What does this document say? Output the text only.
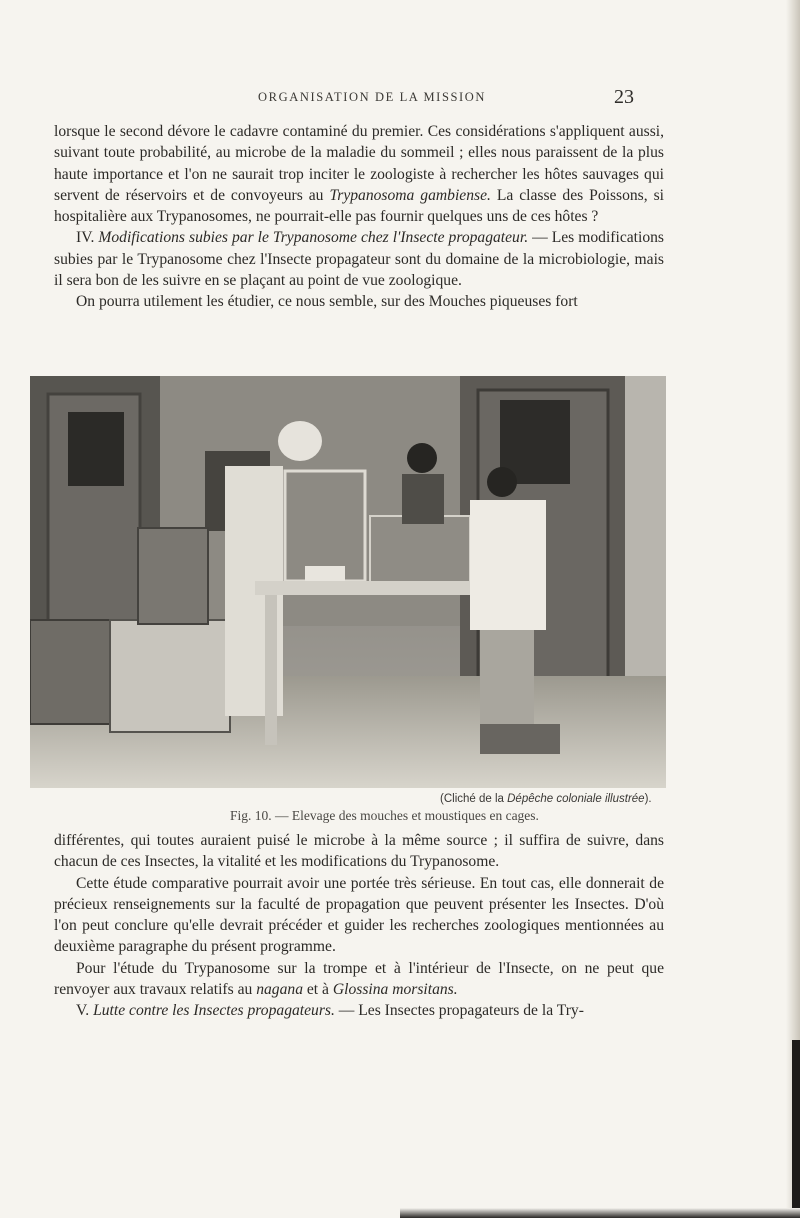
ORGANISATION DE LA MISSION	23

lorsque le second dévore le cadavre contaminé du premier. Ces considérations s'appliquent aussi, suivant toute probabilité, au microbe de la maladie du sommeil ; elles nous paraissent de la plus haute importance et l'on ne saurait trop inciter le zoologiste à rechercher les hôtes sauvages qui servent de réservoirs et de convoyeurs au Trypanosoma gambiense. La classe des Poissons, si hospitalière aux Trypanosomes, ne pourrait-elle pas fournir quelques uns de ces hôtes ?

IV. Modifications subies par le Trypanosome chez l'Insecte propagateur. — Les modifications subies par le Trypanosome chez l'Insecte propagateur sont du domaine de la microbiologie, mais il sera bon de les suivre en se plaçant au point de vue zoologique.

On pourra utilement les étudier, ce nous semble, sur des Mouches piqueuses fort

(Cliché de la Dépêche coloniale illustrée).
Fig. 10. — Elevage des mouches et moustiques en cages.

différentes, qui toutes auraient puisé le microbe à la même source ; il suffira de suivre, dans chacun de ces Insectes, la vitalité et les modifications du Trypanosome.

Cette étude comparative pourrait avoir une portée très sérieuse. En tout cas, elle donnerait de précieux renseignements sur la faculté de propagation que peuvent présenter les Insectes. D'où l'on peut conclure qu'elle devrait précéder et guider les recherches zoologiques mentionnées au deuxième paragraphe du présent programme.

Pour l'étude du Trypanosome sur la trompe et à l'intérieur de l'Insecte, on ne peut que renvoyer aux travaux relatifs au nagana et à Glossina morsitans.

V. Lutte contre les Insectes propagateurs. — Les Insectes propagateurs de la Try-
